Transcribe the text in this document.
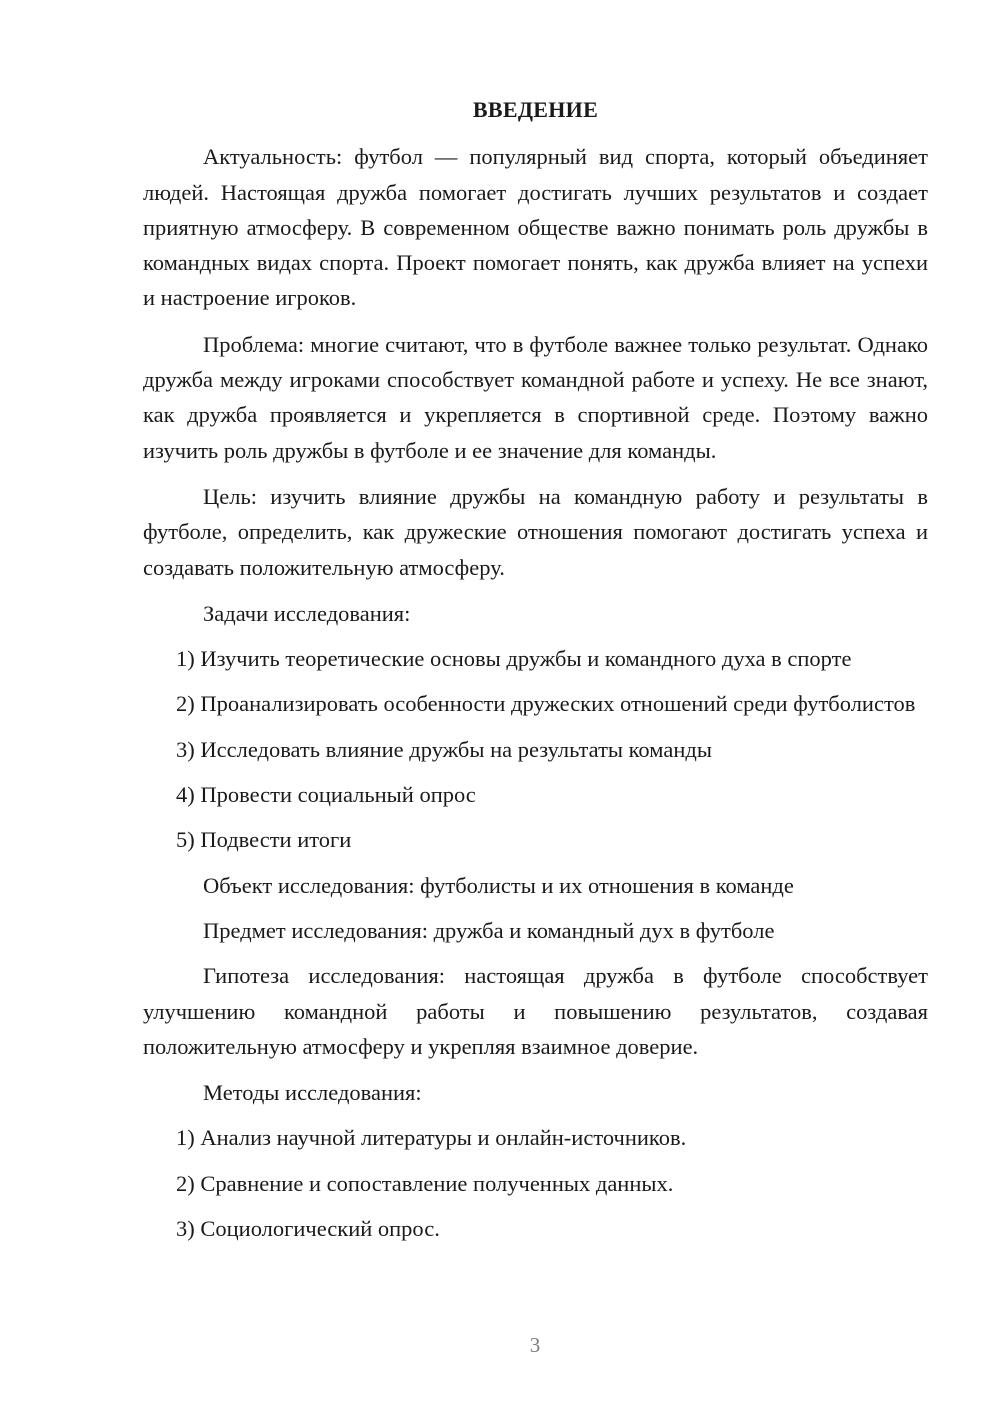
ВВЕДЕНИЕ

Актуальность: футбол — популярный вид спорта, который объединяет людей. Настоящая дружба помогает достигать лучших результатов и создает приятную атмосферу. В современном обществе важно понимать роль дружбы в командных видах спорта. Проект помогает понять, как дружба влияет на успехи и настроение игроков.

Проблема: многие считают, что в футболе важнее только результат. Однако дружба между игроками способствует командной работе и успеху. Не все знают, как дружба проявляется и укрепляется в спортивной среде. Поэтому важно изучить роль дружбы в футболе и ее значение для команды.

Цель: изучить влияние дружбы на командную работу и результаты в футболе, определить, как дружеские отношения помогают достигать успеха и создавать положительную атмосферу.

Задачи исследования:

1) Изучить теоретические основы дружбы и командного духа в спорте

2) Проанализировать особенности дружеских отношений среди футболистов

3) Исследовать влияние дружбы на результаты команды

4) Провести социальный опрос

5) Подвести итоги

Объект исследования: футболисты и их отношения в команде

Предмет исследования: дружба и командный дух в футболе

Гипотеза исследования: настоящая дружба в футболе способствует улучшению командной работы и повышению результатов, создавая положительную атмосферу и укрепляя взаимное доверие.

Методы исследования:

1) Анализ научной литературы и онлайн-источников.

2) Сравнение и сопоставление полученных данных.

3) Социологический опрос.

3
